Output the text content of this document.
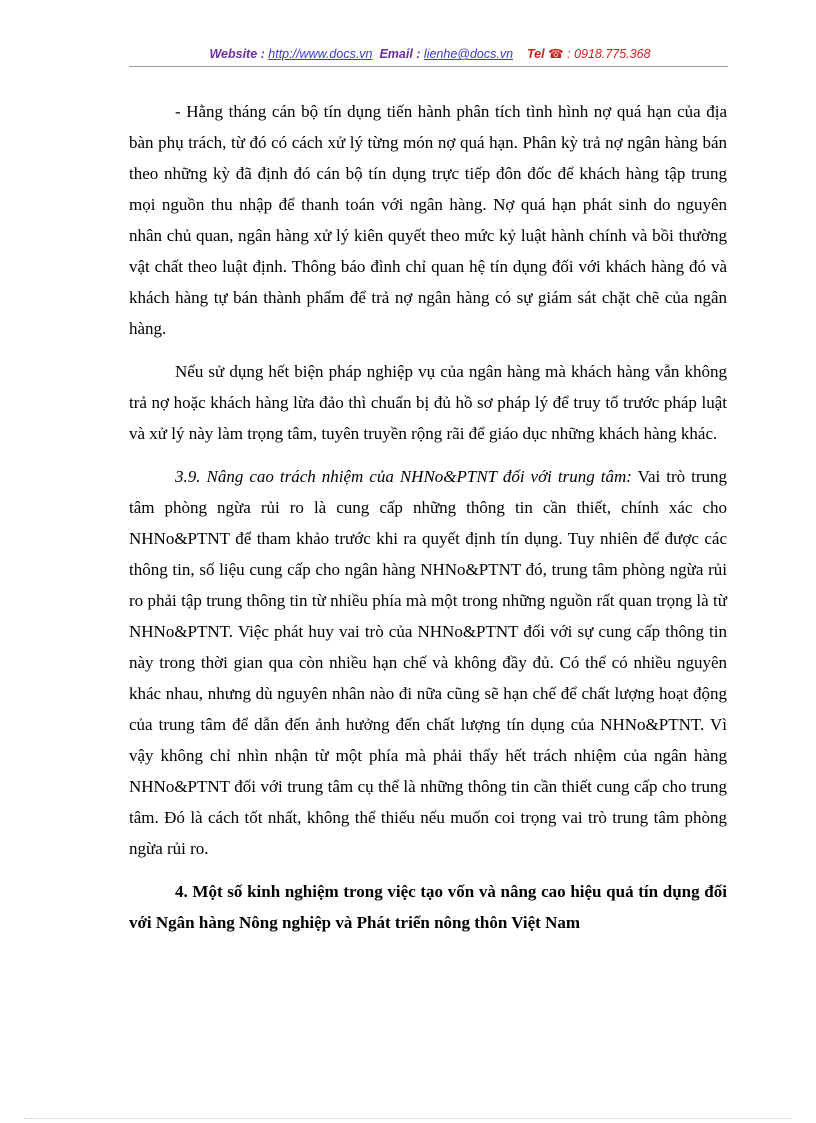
Website : http://www.docs.vn Email : lienhe@docs.vn Tel ☎ : 0918.775.368

- Hằng tháng cán bộ tín dụng tiến hành phân tích tình hình nợ quá hạn của địa bàn phụ trách, từ đó có cách xử lý từng món nợ quá hạn. Phân kỳ trả nợ ngân hàng bán theo những kỳ đã định đó cán bộ tín dụng trực tiếp đôn đốc để khách hàng tập trung mọi nguồn thu nhập để thanh toán với ngân hàng. Nợ quá hạn phát sinh do nguyên nhân chủ quan, ngân hàng xử lý kiên quyết theo mức kỷ luật hành chính và bồi thường vật chất theo luật định. Thông báo đình chỉ quan hệ tín dụng đối với khách hàng đó và khách hàng tự bán thành phẩm để trả nợ ngân hàng có sự giám sát chặt chẽ của ngân hàng.

Nếu sử dụng hết biện pháp nghiệp vụ của ngân hàng mà khách hàng vẫn không trả nợ hoặc khách hàng lừa đảo thì chuẩn bị đủ hồ sơ pháp lý để truy tố trước pháp luật và xử lý này làm trọng tâm, tuyên truyền rộng rãi để giáo dục những khách hàng khác.

3.9. Nâng cao trách nhiệm của NHNo&PTNT đối với trung tâm: Vai trò trung tâm phòng ngừa rủi ro là cung cấp những thông tin cần thiết, chính xác cho NHNo&PTNT để tham khảo trước khi ra quyết định tín dụng. Tuy nhiên để được các thông tin, số liệu cung cấp cho ngân hàng NHNo&PTNT đó, trung tâm phòng ngừa rủi ro phải tập trung thông tin từ nhiều phía mà một trong những nguồn rất quan trọng là từ NHNo&PTNT. Việc phát huy vai trò của NHNo&PTNT đối với sự cung cấp thông tin này trong thời gian qua còn nhiều hạn chế và không đầy đủ. Có thể có nhiều nguyên khác nhau, nhưng dù nguyên nhân nào đi nữa cũng sẽ hạn chế để chất lượng hoạt động của trung tâm để dẫn đến ảnh hưởng đến chất lượng tín dụng của NHNo&PTNT. Vì vậy không chỉ nhìn nhận từ một phía mà phải thấy hết trách nhiệm của ngân hàng NHNo&PTNT đối với trung tâm cụ thể là những thông tin cần thiết cung cấp cho trung tâm. Đó là cách tốt nhất, không thể thiếu nếu muốn coi trọng vai trò trung tâm phòng ngừa rủi ro.

4. Một số kinh nghiệm trong việc tạo vốn và nâng cao hiệu quả tín dụng đối với Ngân hàng Nông nghiệp và Phát triển nông thôn Việt Nam
